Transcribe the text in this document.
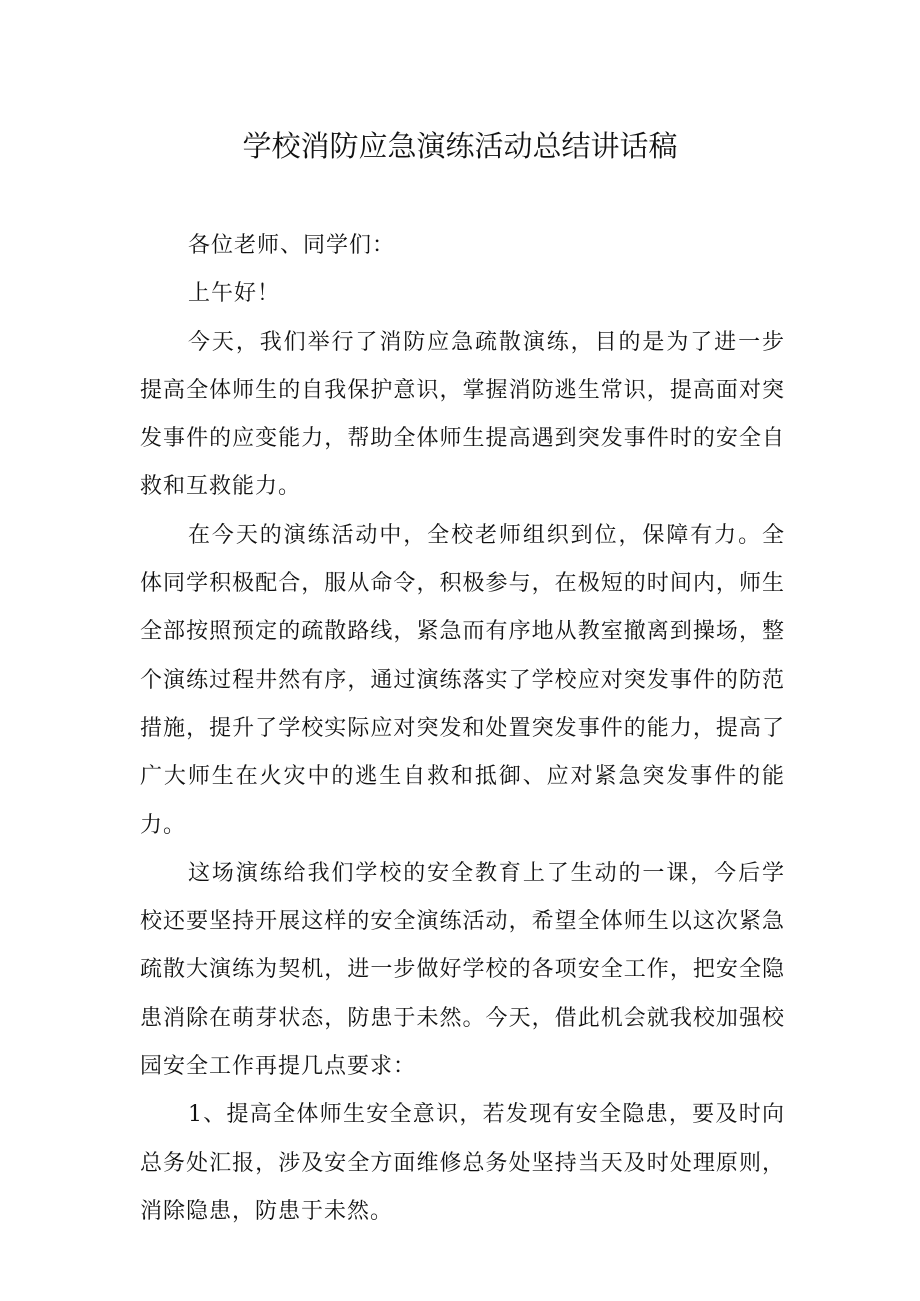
学校消防应急演练活动总结讲话稿

各位老师、同学们：

上午好！

今天，我们举行了消防应急疏散演练，目的是为了进一步提高全体师生的自我保护意识，掌握消防逃生常识，提高面对突发事件的应变能力，帮助全体师生提高遇到突发事件时的安全自救和互救能力。

在今天的演练活动中，全校老师组织到位，保障有力。全体同学积极配合，服从命令，积极参与，在极短的时间内，师生全部按照预定的疏散路线，紧急而有序地从教室撤离到操场，整个演练过程井然有序，通过演练落实了学校应对突发事件的防范措施，提升了学校实际应对突发和处置突发事件的能力，提高了广大师生在火灾中的逃生自救和抵御、应对紧急突发事件的能力。

这场演练给我们学校的安全教育上了生动的一课，今后学校还要坚持开展这样的安全演练活动，希望全体师生以这次紧急疏散大演练为契机，进一步做好学校的各项安全工作，把安全隐患消除在萌芽状态，防患于未然。今天，借此机会就我校加强校园安全工作再提几点要求：

1、提高全体师生安全意识，若发现有安全隐患，要及时向总务处汇报，涉及安全方面维修总务处坚持当天及时处理原则，消除隐患，防患于未然。
